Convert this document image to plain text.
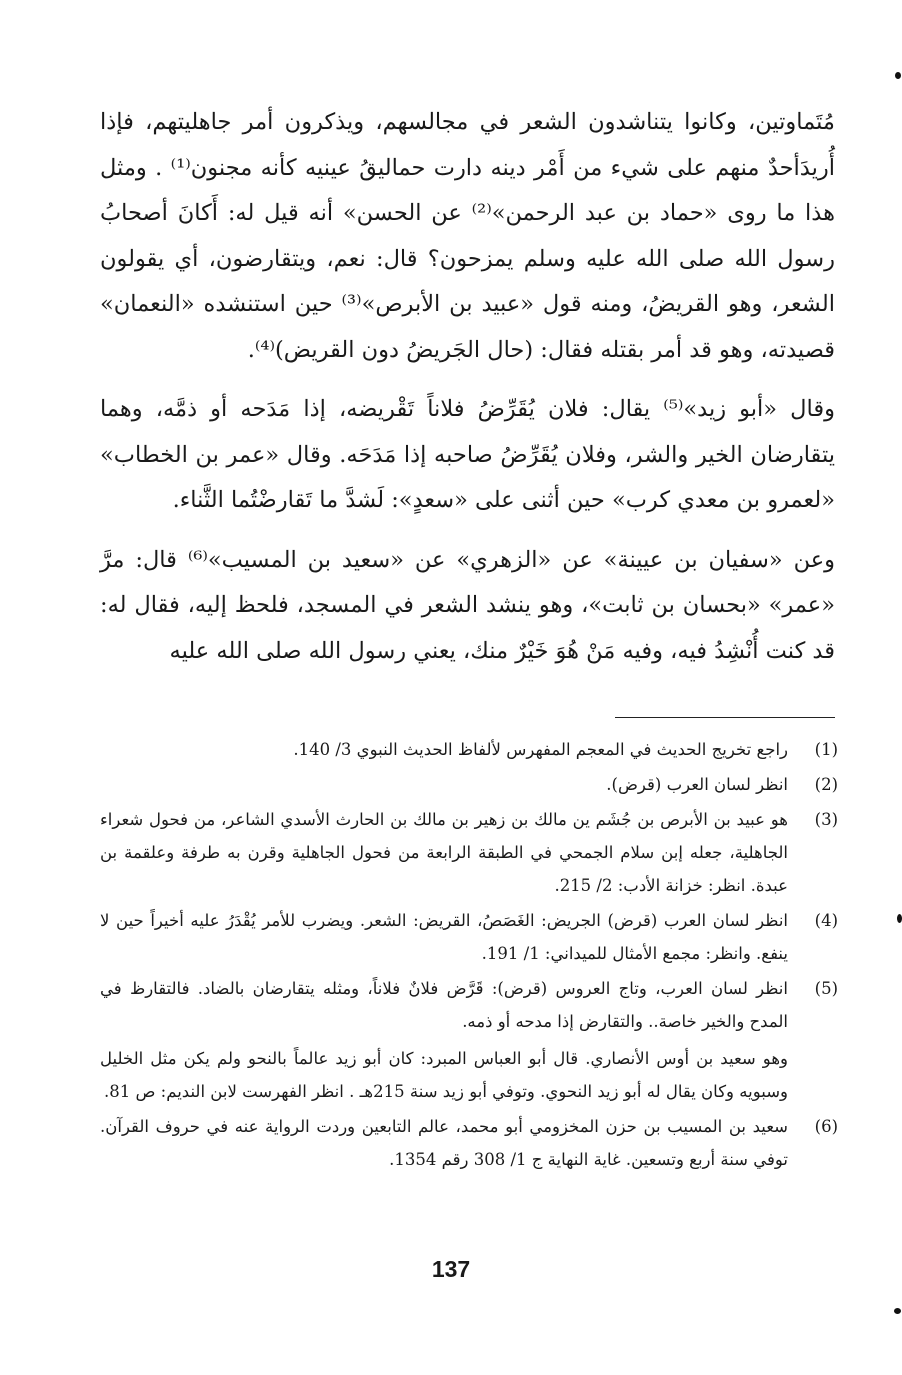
مُتَماوتين، وكانوا يتناشدون الشعر في مجالسهم، ويذكرون أمر جاهليتهم، فإذا أُريدَأحدٌ منهم على شيء من أَمْر دينه دارت حماليقُ عينيه كأنه مجنون⁽¹⁾ . ومثل هذا ما روى «حماد بن عبد الرحمن»⁽²⁾ عن الحسن» أنه قيل له: أَكانَ أصحابُ رسول الله صلى الله عليه وسلم يمزحون؟ قال: نعم، ويتقارضون، أي يقولون الشعر، وهو القريضُ، ومنه قول «عبيد بن الأبرص»⁽³⁾ حين استنشده «النعمان» قصيدته، وهو قد أمر بقتله فقال: (حال الجَريضُ دون القريض)⁽⁴⁾.

وقال «أبو زيد»⁽⁵⁾ يقال: فلان يُقَرِّضُ فلاناً تَقْريضه، إذا مَدَحه أو ذمَّه، وهما يتقارضان الخير والشر، وفلان يُقَرِّضُ صاحبه إذا مَدَحَه. وقال «عمر بن الخطاب» «لعمرو بن معدي كرب» حين أثنى على «سعدٍ»: لَشدَّ ما تَقارضْتُما الثَّناء.

وعن «سفيان بن عيينة» عن «الزهري» عن «سعيد بن المسيب»⁽⁶⁾ قال: مرَّ «عمر» «بحسان بن ثابت»، وهو ينشد الشعر في المسجد، فلحظ إليه، فقال له: قد كنت أُنْشِدُ فيه، وفيه مَنْ هُوَ خَيْرٌ منك، يعني رسول الله صلى الله عليه

(1)

راجع تخريج الحديث في المعجم المفهرس لألفاظ الحديث النبوي 3/ 140.

(2)

انظر لسان العرب (قرض).

(3)

هو عبيد بن الأبرص بن جُشَم ين مالك بن زهير بن مالك بن الحارث الأسدي الشاعر، من فحول شعراء الجاهلية، جعله إبن سلام الجمحي في الطبقة الرابعة من فحول الجاهلية وقرن به طرفة وعلقمة بن عبدة. انظر: خزانة الأدب: 2/ 215.

(4)

انظر لسان العرب (قرض) الجريض: الغَصَصُ، القريض: الشعر. ويضرب للأمر يُقْدَرُ عليه أخيراً حين لا ينفع. وانظر: مجمع الأمثال للميداني: 1/ 191.

(5)

انظر لسان العرب، وتاج العروس (قرض): قَرَّض فلانٌ فلاناً، ومثله يتقارضان بالضاد. فالتقارظ في المدح والخير خاصة.. والتقارض إذا مدحه أو ذمه.

وهو سعيد بن أوس الأنصاري. قال أبو العباس المبرد: كان أبو زيد عالماً بالنحو ولم يكن مثل الخليل وسبويه وكان يقال له أبو زيد النحوي. وتوفي أبو زيد سنة 215هـ . انظر الفهرست لابن النديم: ص 81.

(6)

سعيد بن المسيب بن حزن المخزومي أبو محمد، عالم التابعين وردت الرواية عنه في حروف القرآن. توفي سنة أربع وتسعين. غاية النهاية ج 1/ 308 رقم 1354.

137
